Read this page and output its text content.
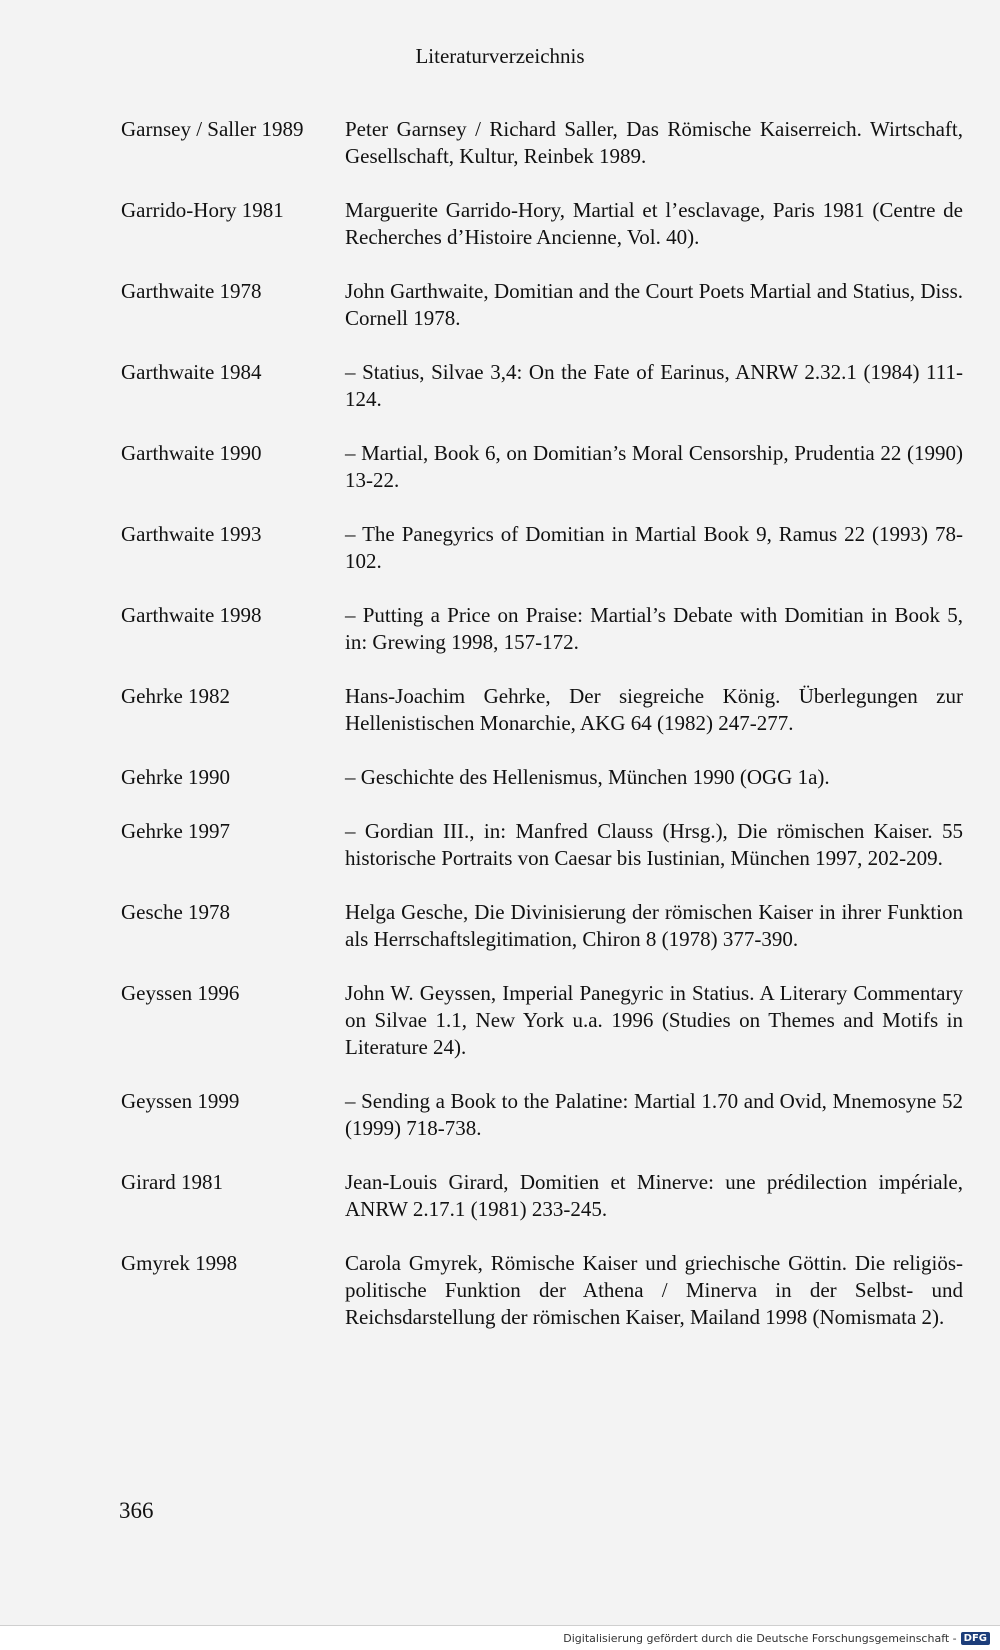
Literaturverzeichnis
Garnsey / Saller 1989	Peter Garnsey / Richard Saller, Das Römische Kaiserreich. Wirtschaft, Gesellschaft, Kultur, Reinbek 1989.
Garrido-Hory 1981	Marguerite Garrido-Hory, Martial et l’esclavage, Paris 1981 (Centre de Recherches d’Histoire Ancienne, Vol. 40).
Garthwaite 1978	John Garthwaite, Domitian and the Court Poets Martial and Statius, Diss. Cornell 1978.
Garthwaite 1984	– Statius, Silvae 3,4: On the Fate of Earinus, ANRW 2.32.1 (1984) 111-124.
Garthwaite 1990	– Martial, Book 6, on Domitian’s Moral Censorship, Prudentia 22 (1990) 13-22.
Garthwaite 1993	– The Panegyrics of Domitian in Martial Book 9, Ramus 22 (1993) 78-102.
Garthwaite 1998	– Putting a Price on Praise: Martial’s Debate with Domitian in Book 5, in: Grewing 1998, 157-172.
Gehrke 1982	Hans-Joachim Gehrke, Der siegreiche König. Überlegungen zur Hellenistischen Monarchie, AKG 64 (1982) 247-277.
Gehrke 1990	– Geschichte des Hellenismus, München 1990 (OGG 1a).
Gehrke 1997	– Gordian III., in: Manfred Clauss (Hrsg.), Die römischen Kaiser. 55 historische Portraits von Caesar bis Iustinian, München 1997, 202-209.
Gesche 1978	Helga Gesche, Die Divinisierung der römischen Kaiser in ihrer Funktion als Herrschaftslegitimation, Chiron 8 (1978) 377-390.
Geyssen 1996	John W. Geyssen, Imperial Panegyric in Statius. A Literary Commentary on Silvae 1.1, New York u.a. 1996 (Studies on Themes and Motifs in Literature 24).
Geyssen 1999	– Sending a Book to the Palatine: Martial 1.70 and Ovid, Mnemosyne 52 (1999) 718-738.
Girard 1981	Jean-Louis Girard, Domitien et Minerve: une prédilection impériale, ANRW 2.17.1 (1981) 233-245.
Gmyrek 1998	Carola Gmyrek, Römische Kaiser und griechische Göttin. Die religiös-politische Funktion der Athena / Minerva in der Selbst- und Reichsdarstellung der römischen Kaiser, Mailand 1998 (Nomismata 2).
366
Digitalisierung gefördert durch die Deutsche Forschungsgemeinschaft - DFG
